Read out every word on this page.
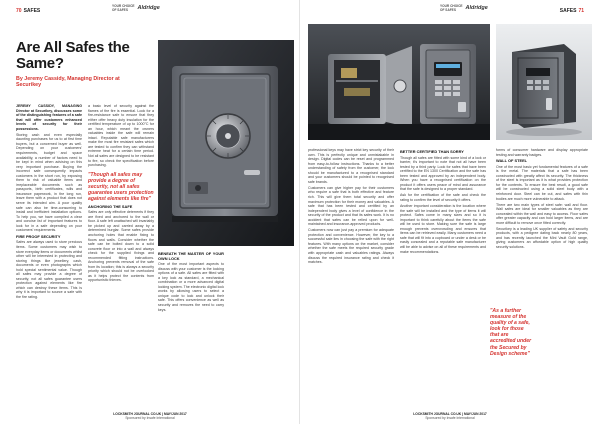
70 SAFES
YOUR CHOICE
OF SAFES	Aldridge
Are All Safes the Same?
By Jeremy Cassidy, Managing Director at Securikey

JEREMY CASSIDY, MANAGING Director at Securikey, discusses some of the distinguishing features of a safe that will offer customers enhanced levels of security for their possessions.

Storing cash and even especially daunting purchases for us to at first time buyers, but a concerned buyer as well. Depending on your customers' requirements, budget and space availability, a number of factors need to be kept in mind when advising on this very important purchase. Buying the incorrect safe consequently impacts customers in the short run, by exposing them to risk of valuable items and irreplaceable documents such as passports, birth certificates, wills and insurance paperwork, in the long run, leave them with a product that does not serve its intended aim. A poor quality safe can also be time-consuming to install and inefficient installation options. To help you, we have compiled a clear and concise list of important features to look for in a safe depending on your customers' requirements.

FIRE PROOF SECURITY

Safes are always used to store precious items. Some customers may wish to store everyday items or documents whilst other will be interested in protecting and storing things like jewellery, cash, documents or even photographs which hold special sentimental value. Though all safes may provide a degree of security, not all safes guarantee users protection against elements like fire which can destroy these items. This is why it is important to source a safe with the fire rating.

a basic level of security against the flames of the fire is essential. Look for a fire-resistance safe to ensure that they either offer heavy duty insulation for the certified temperature of up to 1000°C for an hour, which meant the owners valuables inside the safe will remain intact. Reputable safe manufacturers make the most fire resistant safes which are tested to confirm they can withstand extreme heat for a certain time period. Not all safes are designed to be resistant to fire, so check the specification before purchasing.

"Though all safes may provide a degree of security, not all safes guarantee users protection against elements like fire"

ANCHORING THE SAFE

Safes are only effective deterrents if they are fixed and anchored to the wall or floor. A safe left unattached will invariably be picked up and carried away by a determined burglar. Some safes provide anchoring holes that enable fixing to floors and walls. Consider whether the safe can be bolted down to a solid concrete floor or into a wall and always check for the supplied fixings and recommended fitting instructions. Anchoring prevents removal of the safe from its location; this is always a security priority which should not be overlooked as it helps protect the contents from opportunistic thieves.

BENEATH THE MASTER OF YOUR OWN LOCK

One of the most important aspects to discuss with your customer is the locking options of a safe. All safes are fitted with a key lock as standard, a mechanical combination or a more advanced digital locking system. The electronic digital lock works by allowing users to select a unique code to lock and unlock their safe. This offers convenience as well as security and removes the need to carry keys.

LOCKSMITH JOURNAL CO.UK | MAY/JUN 2017
Sponsored by Insafe International
YOUR CHOICE
OF SAFES	Aldridge
SAFES 71

professional keys may have strict key security of their own. This is perfectly unique and unmistakable in design. Digital codes can be reset and programmed from easy-to-follow instructions. Thanks to a better understanding of safety from the customer, the lock should be manufactured to a recognised standard and your customers should be pointed to recognised safe brands.

Customers can give higher pay for their customers who require a safe that is both effective and feature rich. This will give them total security and offer maximum protection for their money and valuables. A safe that has been tested and certified by an independent body gives a level of confidence in the security of the product and that its safes work. It is no accident that safes can be relied upon for well-maintained and insurance-approved products.

Customers now can just pay a premium for adequate protection and convenience. However, the key to a successful sale lies in choosing the safe with the right features. With many options on the market, consider whether the safe meets the required security grade with appropriate cash and valuables ratings. Always discuss the required insurance rating and check it matches.

BETTER CERTIFIED THAN SORRY

Though all safes are fitted with some kind of a lock or barrier, it's important to note that not all have been tested by a third party. Look for safes that have been certified to the EN 1300 Certification and the safe has been tested and approved by an independent body. When you have a recognised certification on the product it offers users peace of mind and assurance that the safe is designed to a proper standard.

Ask for the certification of the safe and check the rating to confirm the level of security it offers.

Another important consideration is the location where the safe will be installed and the type of items it will protect. Safes come in many sizes and so it is important to think carefully about the items the safe will be used to store. Making sure the safe is large enough prevents overcrowding and ensures that items can be retrieved easily. Many customers need a safe that will fit into a cupboard or under a desk or be easily concealed and a reputable safe manufacturer will be able to advise on all of these requirements and make recommendations.

"As a further measure of the quality of a safe, look for those that are accredited under the Secured by Design scheme"

forms of consumer hardware and display appropriate testing and warranty badges.

WALL OF STEEL

One of the most basic yet fundamental features of a safe is the metal. The materials that a safe has been constructed with greatly affect its security. The thickness of the steel is important as it is what provides protection for the contents. To ensure the best result, a good safe will be constructed using a solid steel body with a reinforced door. Steel can be cut, and safes with thin bodies are much more vulnerable to attack.

There are two main types of steel safe: wall and floor. Wall safes are ideal for smaller valuables as they are concealed within the wall and easy to access. Floor safes offer greater capacity and can hold larger items, and are more difficult to remove once fitted correctly.

Securikey is a leading UK supplier of safety and security products, with a pedigree dating back nearly 80 years, and has recently launched the Mini Vault Gold range, giving customers an affordable option of high quality security solutions.

LOCKSMITH JOURNAL CO.UK | MAY/JUN 2017
Sponsored by Insafe International
